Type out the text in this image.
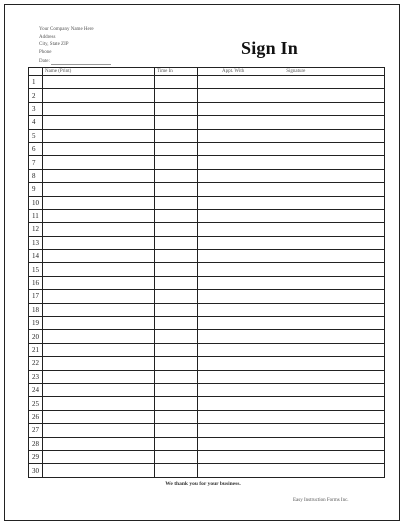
Your Company Name Here
Address
City, State ZIP
Phone	Sign In
Date:
	Name (Print)	Time In	Appt. With Signature
1			
2			
3			
4			
5			
6			
7			
8			
9			
10			
11			
12			
13			
14			
15			
16			
17			
18			
19			
20			
21			
22			
23			
24			
25			
26			
27			
28			
29			
30			
We thank you for your business.
Easy Instruction Forms Inc.
